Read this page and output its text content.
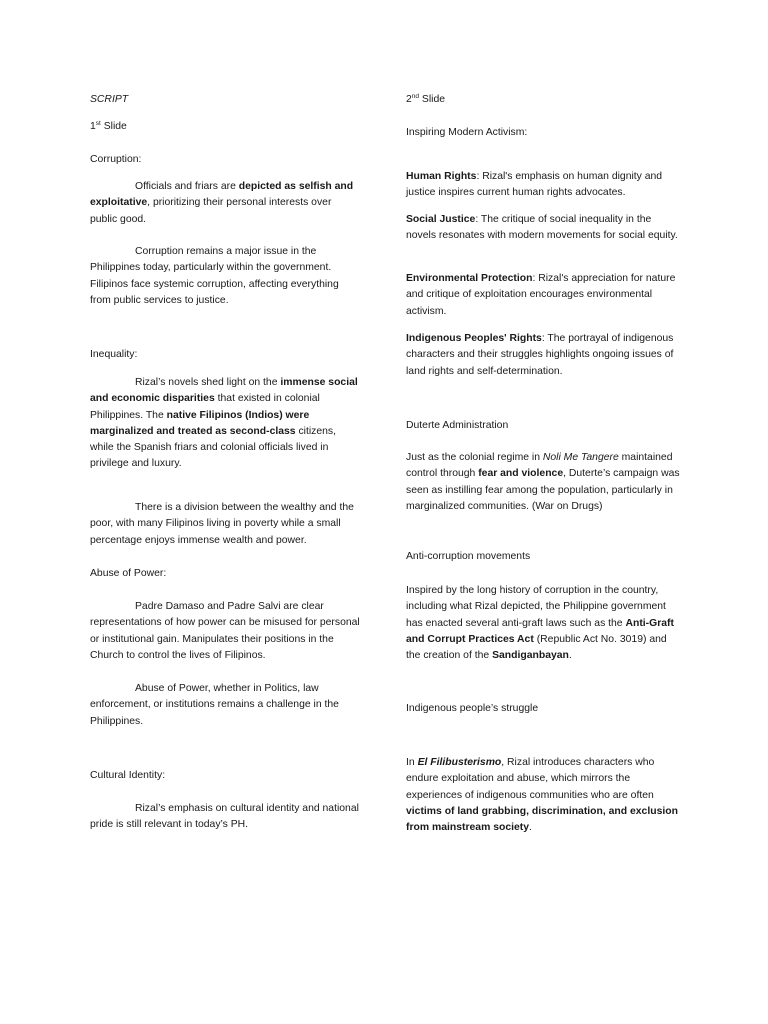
SCRIPT

1st Slide

Corruption:

Officials and friars are depicted as selfish and exploitative, prioritizing their personal interests over public good.

Corruption remains a major issue in the Philippines today, particularly within the government. Filipinos face systemic corruption, affecting everything from public services to justice.

Inequality:

Rizal’s novels shed light on the immense social and economic disparities that existed in colonial Philippines. The native Filipinos (Indios) were marginalized and treated as second-class citizens, while the Spanish friars and colonial officials lived in privilege and luxury.

There is a division between the wealthy and the poor, with many Filipinos living in poverty while a small percentage enjoys immense wealth and power.

Abuse of Power:

Padre Damaso and Padre Salvi are clear representations of how power can be misused for personal or institutional gain. Manipulates their positions in the Church to control the lives of Filipinos.

Abuse of Power, whether in Politics, law enforcement, or institutions remains a challenge in the Philippines.

Cultural Identity:

Rizal’s emphasis on cultural identity and national pride is still relevant in today’s PH.

2nd Slide

Inspiring Modern Activism:

Human Rights: Rizal's emphasis on human dignity and justice inspires current human rights advocates.

Social Justice: The critique of social inequality in the novels resonates with modern movements for social equity.

Environmental Protection: Rizal's appreciation for nature and critique of exploitation encourages environmental activism.

Indigenous Peoples' Rights: The portrayal of indigenous characters and their struggles highlights ongoing issues of land rights and self-determination.

Duterte Administration

Just as the colonial regime in Noli Me Tangere maintained control through fear and violence, Duterte’s campaign was seen as instilling fear among the population, particularly in marginalized communities. (War on Drugs)

Anti-corruption movements

Inspired by the long history of corruption in the country, including what Rizal depicted, the Philippine government has enacted several anti-graft laws such as the Anti-Graft and Corrupt Practices Act (Republic Act No. 3019) and the creation of the Sandiganbayan.

Indigenous people’s struggle

In El Filibusterismo, Rizal introduces characters who endure exploitation and abuse, which mirrors the experiences of indigenous communities who are often victims of land grabbing, discrimination, and exclusion from mainstream society.
